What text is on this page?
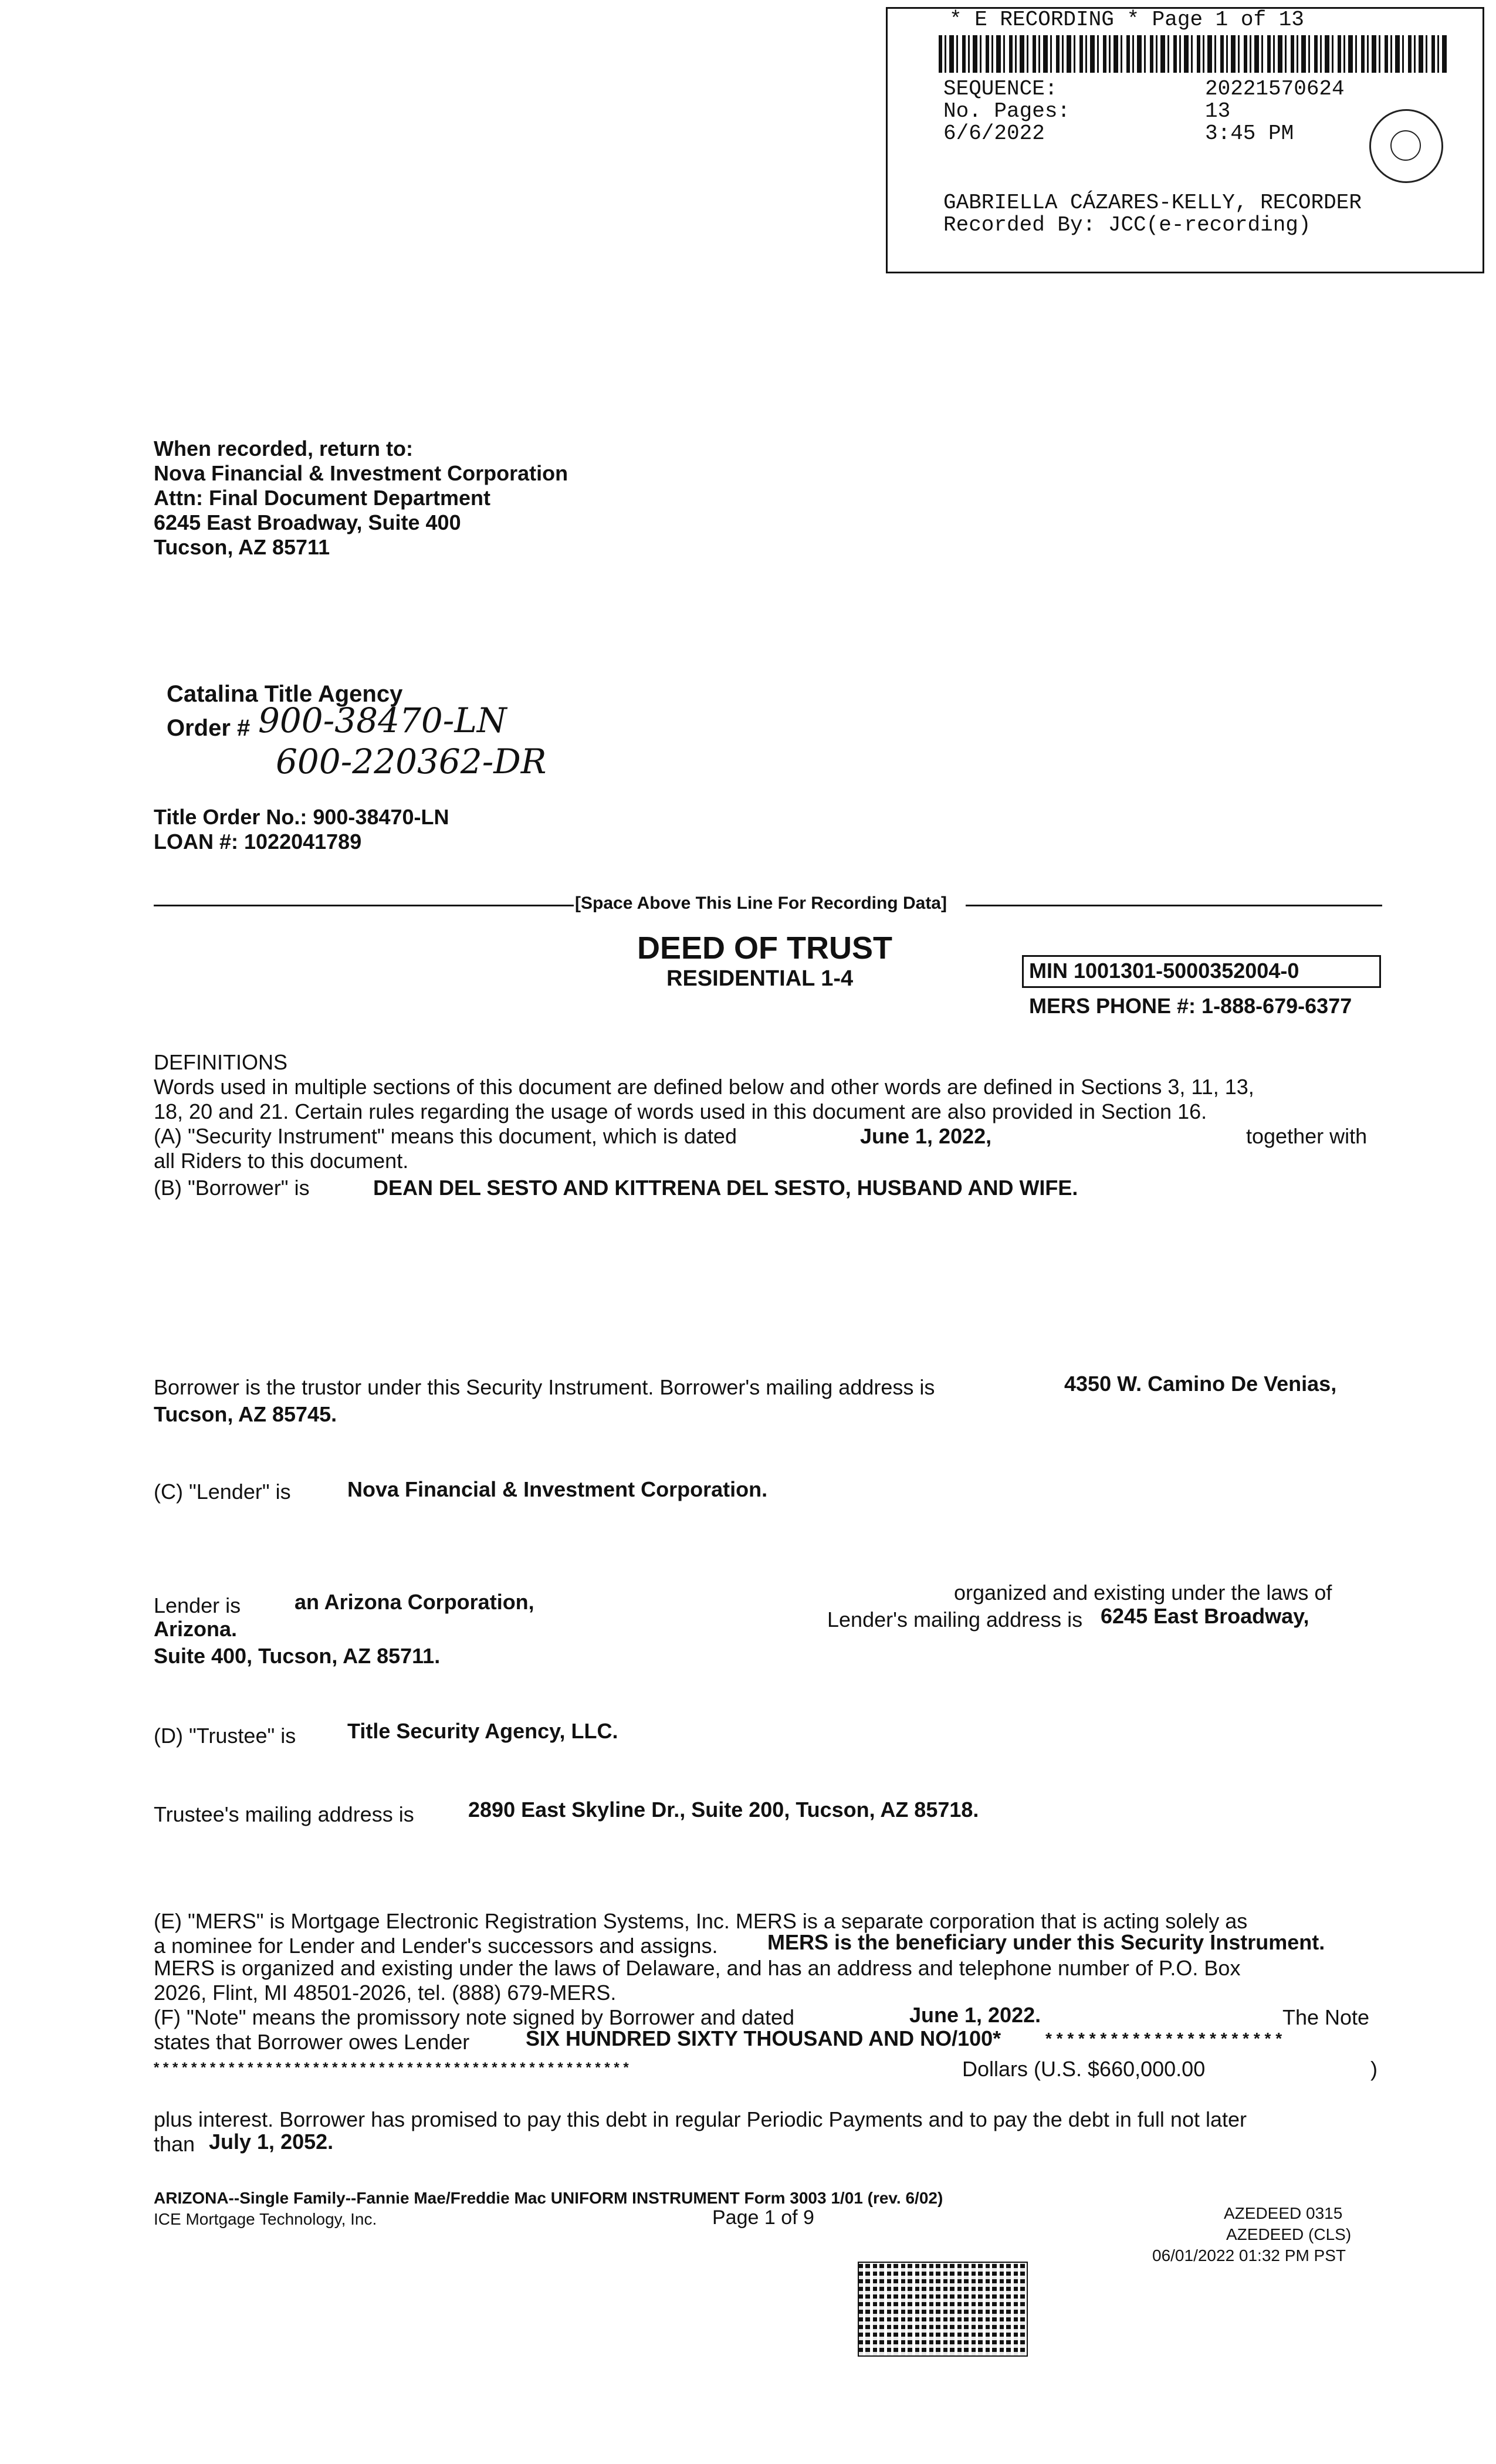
* E RECORDING * Page 1 of 13
SEQUENCE:	20221570624
No. Pages:	13
6/6/2022	3:45 PM
GABRIELLA CÁZARES-KELLY, RECORDER
Recorded By: JCC(e-recording)
When recorded, return to:
Nova Financial & Investment Corporation
Attn: Final Document Department
6245 East Broadway, Suite 400
Tucson, AZ 85711
Catalina Title Agency
Order # 900-38470-LN
600-220362-DR
Title Order No.: 900-38470-LN
LOAN #: 1022041789
[Space Above This Line For Recording Data]
DEED OF TRUST
RESIDENTIAL 1-4	MIN 1001301-5000352004-0
MERS PHONE #: 1-888-679-6377
DEFINITIONS
Words used in multiple sections of this document are defined below and other words are defined in Sections 3, 11, 13,
18, 20 and 21. Certain rules regarding the usage of words used in this document are also provided in Section 16.
(A) "Security Instrument" means this document, which is dated	June 1, 2022,	together with
all Riders to this document.
(B) "Borrower" is	DEAN DEL SESTO AND KITTRENA DEL SESTO, HUSBAND AND WIFE.
Borrower is the trustor under this Security Instrument. Borrower's mailing address is	4350 W. Camino De Venias,
Tucson, AZ 85745.
(C) "Lender" is	Nova Financial & Investment Corporation.
Lender is	an Arizona Corporation,	organized and existing under the laws of
Arizona.	Lender's mailing address is 6245 East Broadway,
Suite 400, Tucson, AZ 85711.
(D) "Trustee" is Title Security Agency, LLC.
Trustee's mailing address is	2890 East Skyline Dr., Suite 200, Tucson, AZ 85718.
(E) "MERS" is Mortgage Electronic Registration Systems, Inc. MERS is a separate corporation that is acting solely as
a nominee for Lender and Lender's successors and assigns. MERS is the beneficiary under this Security Instrument.
MERS is organized and existing under the laws of Delaware, and has an address and telephone number of P.O. Box
2026, Flint, MI 48501-2026, tel. (888) 679-MERS.
(F) "Note" means the promissory note signed by Borrower and dated	June 1, 2022.	The Note
states that Borrower owes Lender	SIX HUNDRED SIXTY THOUSAND AND NO/100*	* * * * * * * * * * * * * * * * * * * * * *
* * * * * * * * * * * * * * * * * * * * * * * * * * * * * * * * * * * * * * * * * * * * * * * * * * *	Dollars (U.S. $660,000.00	)
plus interest. Borrower has promised to pay this debt in regular Periodic Payments and to pay the debt in full not later
than July 1, 2052.
ARIZONA--Single Family--Fannie Mae/Freddie Mac UNIFORM INSTRUMENT Form 3003 1/01 (rev. 6/02)
ICE Mortgage Technology, Inc.	Page 1 of 9	AZEDEED 0315
AZEDEED (CLS)
06/01/2022 01:32 PM PST
